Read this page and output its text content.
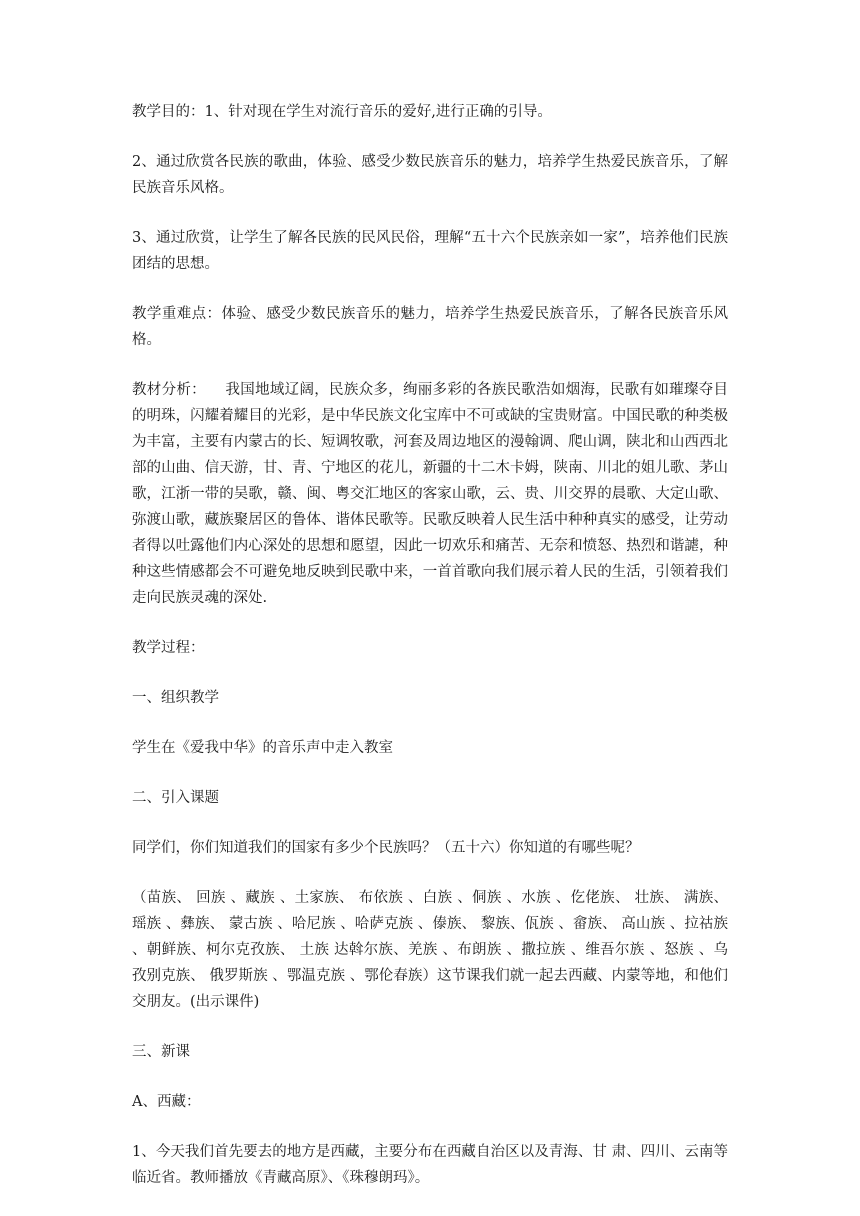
教学目的：1、针对现在学生对流行音乐的爱好,进行正确的引导。

2、通过欣赏各民族的歌曲，体验、感受少数民族音乐的魅力，培养学生热爱民族音乐，了解民族音乐风格。

3、通过欣赏，让学生了解各民族的民风民俗，理解“五十六个民族亲如一家”，培养他们民族团结的思想。

教学重难点：体验、感受少数民族音乐的魅力，培养学生热爱民族音乐，了解各民族音乐风格。

教材分析：    我国地域辽阔，民族众多，绚丽多彩的各族民歌浩如烟海，民歌有如璀璨夺目的明珠，闪耀着耀目的光彩，是中华民族文化宝库中不可或缺的宝贵财富。中国民歌的种类极为丰富，主要有内蒙古的长、短调牧歌，河套及周边地区的漫翰调、爬山调，陕北和山西西北部的山曲、信天游，甘、青、宁地区的花儿，新疆的十二木卡姆，陕南、川北的姐儿歌、茅山歌，江浙一带的吴歌，赣、闽、粤交汇地区的客家山歌，云、贵、川交界的晨歌、大定山歌、弥渡山歌，藏族聚居区的鲁体、谐体民歌等。民歌反映着人民生活中种种真实的感受，让劳动者得以吐露他们内心深处的思想和愿望，因此一切欢乐和痛苦、无奈和愤怒、热烈和谐謔，种种这些情感都会不可避免地反映到民歌中来，一首首歌向我们展示着人民的生活，引领着我们走向民族灵魂的深处.

教学过程：

一、组织教学

学生在《爱我中华》的音乐声中走入教室

二、引入课题

同学们，你们知道我们的国家有多少个民族吗？（五十六）你知道的有哪些呢？

（苗族、 回族 、藏族 、土家族、 布依族 、白族 、侗族 、水族 、仡佬族、 壮族、 满族、 瑶族 、彝族、 蒙古族 、哈尼族 、哈萨克族 、傣族、 黎族、佤族 、畲族、 高山族 、拉祜族 、朝鲜族、柯尔克孜族、 土族 达斡尔族、羌族 、布朗族 、撒拉族 、维吾尔族 、怒族 、乌孜别克族、 俄罗斯族 、鄂温克族 、鄂伦春族）这节课我们就一起去西藏、内蒙等地，和他们交朋友。(出示课件)

三、新课

A、西藏：

1、今天我们首先要去的地方是西藏，主要分布在西藏自治区以及青海、甘 肃、四川、云南等临近省。教师播放《青藏高原》、《珠穆朗玛》。
